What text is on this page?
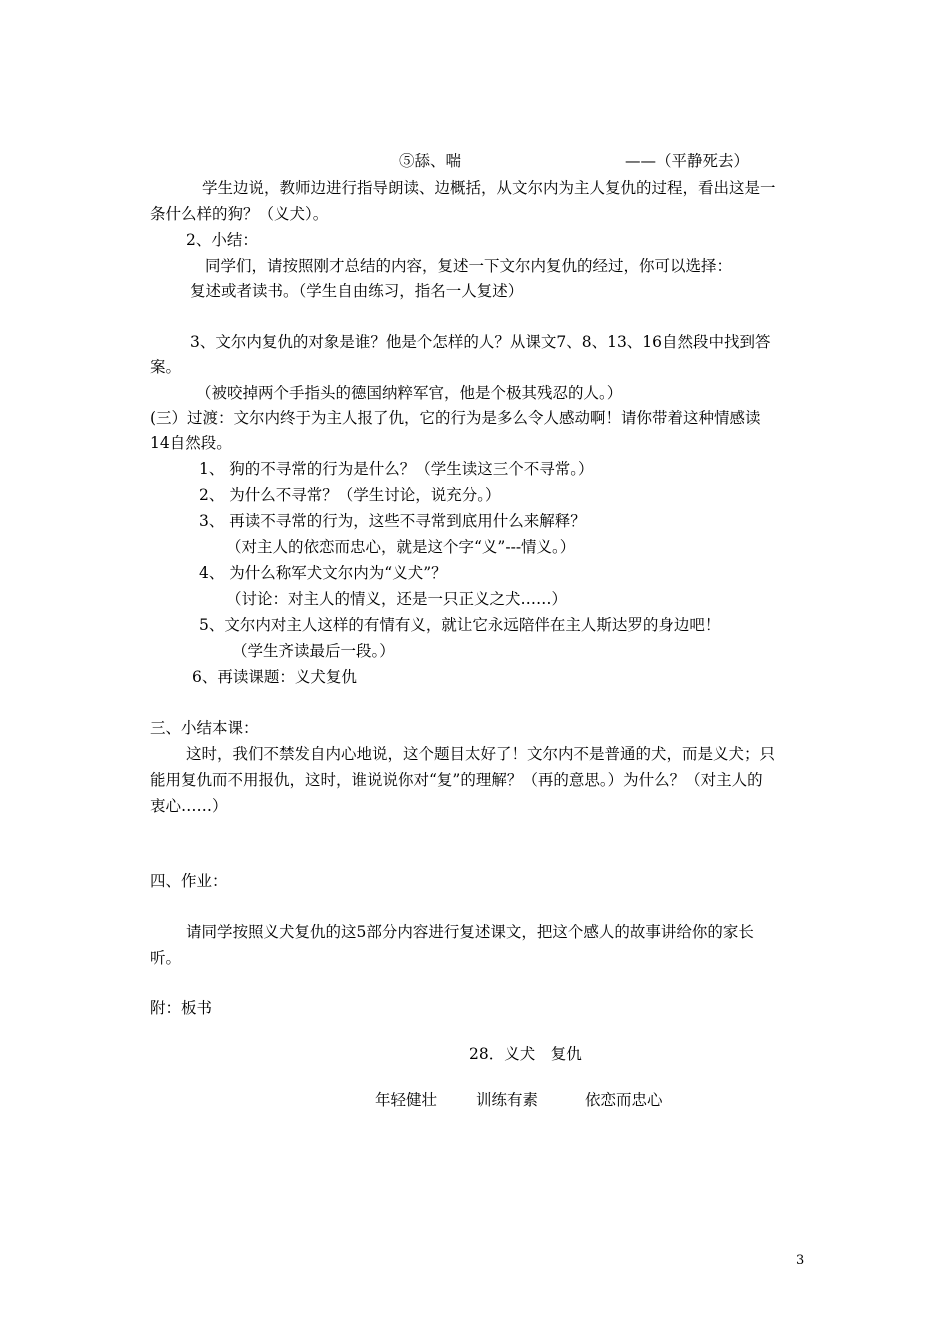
⑤舔、喘	——（平静死去）
学生边说，教师边进行指导朗读、边概括，从文尔内为主人复仇的过程，看出这是一
条什么样的狗？（义犬）。
2、小结：
同学们，请按照刚才总结的内容，复述一下文尔内复仇的经过，你可以选择：
复述或者读书。（学生自由练习，指名一人复述）
3、文尔内复仇的对象是谁？他是个怎样的人？从课文7、8、13、16自然段中找到答
案。
（被咬掉两个手指头的德国纳粹军官，他是个极其残忍的人。）
(三）过渡：文尔内终于为主人报了仇，它的行为是多么令人感动啊！请你带着这种情感读
14自然段。
1、 狗的不寻常的行为是什么？（学生读这三个不寻常。）
2、 为什么不寻常？（学生讨论，说充分。）
3、 再读不寻常的行为，这些不寻常到底用什么来解释？
（对主人的依恋而忠心，就是这个字“义”---情义。）
4、 为什么称军犬文尔内为“义犬”？
（讨论：对主人的情义，还是一只正义之犬……）
5、文尔内对主人这样的有情有义，就让它永远陪伴在主人斯达罗的身边吧！
（学生齐读最后一段。）
6、再读课题：义犬复仇
三、小结本课：
这时，我们不禁发自内心地说，这个题目太好了！文尔内不是普通的犬，而是义犬；只
能用复仇而不用报仇，这时，谁说说你对“复”的理解？（再的意思。）为什么？（对主人的
衷心……）
四、作业：
请同学按照义犬复仇的这5部分内容进行复述课文，把这个感人的故事讲给你的家长
听。
附：板书
28．义犬　复仇
年轻健壮	训练有素	依恋而忠心
3
